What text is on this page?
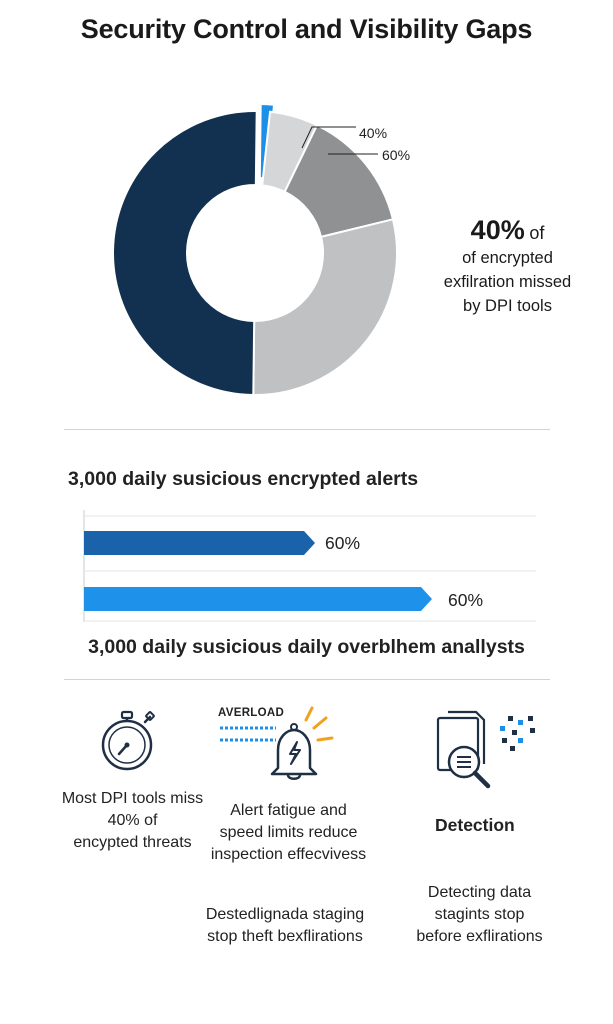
Security Control and Visibility Gaps
40%
60%
40% of
of encrypted
exfilration missed
by DPI tools
3,000 daily susicious encrypted alerts
60%
60%
3,000 daily susicious daily overblhem anallysts
Most DPI tools miss
40% of
encypted threats
AVERLOAD
Alert fatigue and
speed limits reduce
inspection effecvivess
Detection
Detecting data
stagints stop
before exflirations
Destedlignada staging
stop theft bexflirations
